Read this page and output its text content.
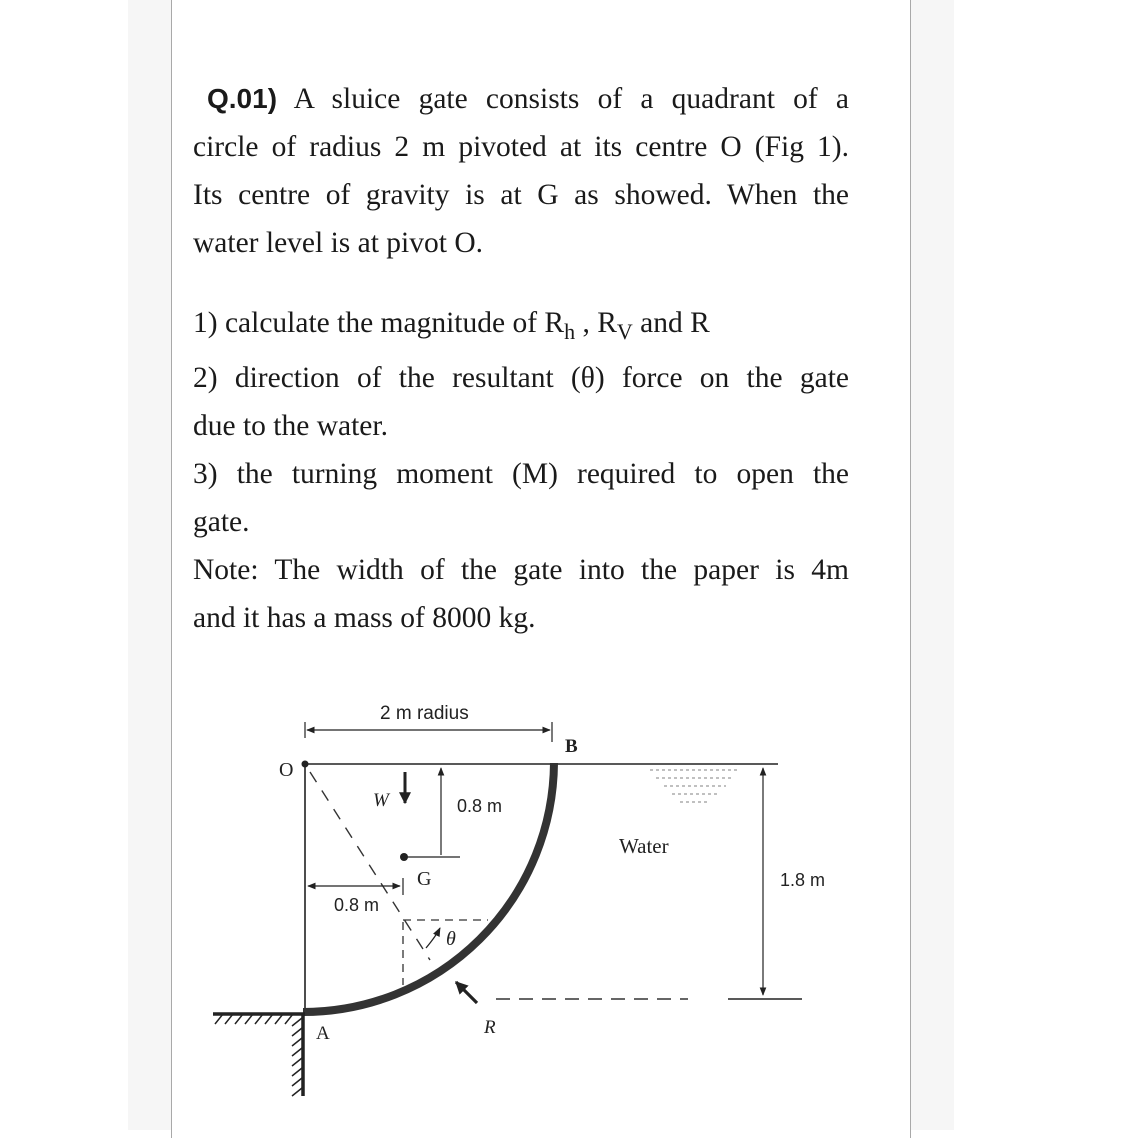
Q.01) A sluice gate consists of a quadrant of a
circle of radius 2 m pivoted at its centre O (Fig 1).
Its centre of gravity is at G as showed. When the
water level is at pivot O.
1) calculate the magnitude of $R_h$ , $R_V$ and R
2) direction of the resultant (θ) force on the gate
due to the water.
3) the turning moment (M) required to open the
gate.
Note: The width of the gate into the paper is 4m
and it has a mass of 8000 kg.
O
2 m radius
B
W	0.8 m
G
0.8 m
θ
R
A
1.8 m
Water
